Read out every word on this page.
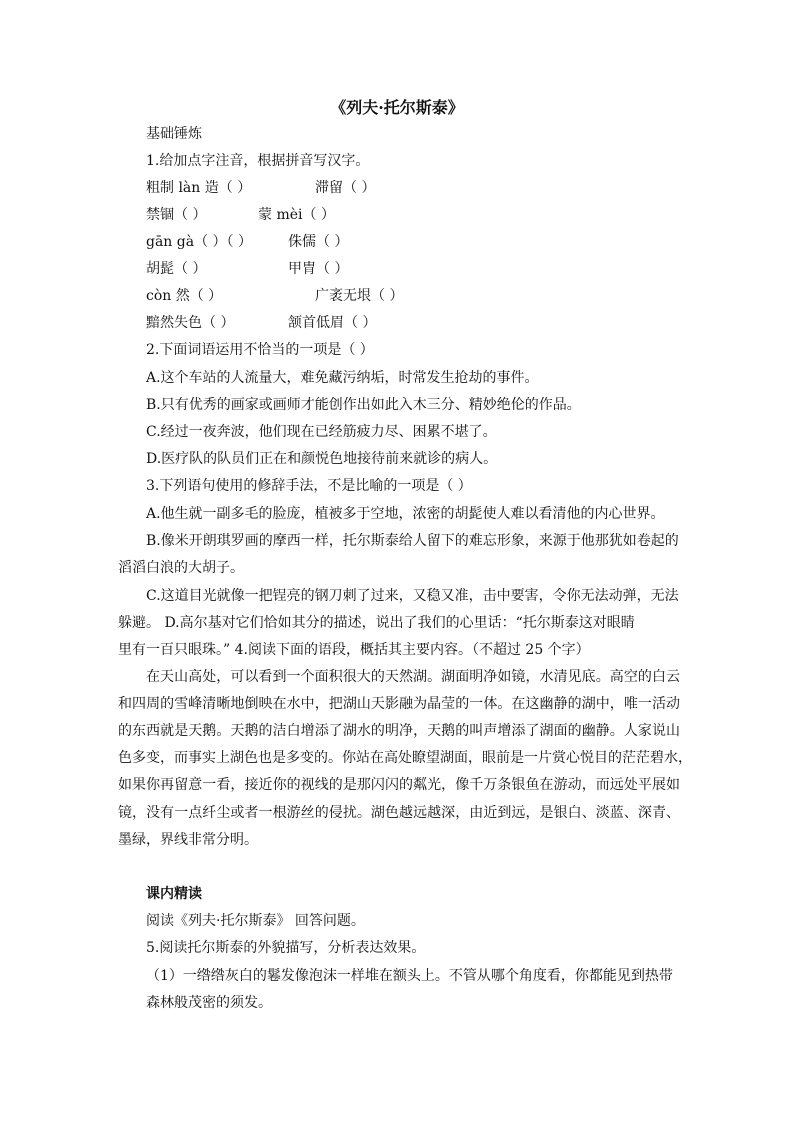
《列夫·托尔斯泰》
基础锤炼
1.给加点字注音，根据拼音写汉字。
粗制 làn 造（ ）	滞留（ ）
禁锢（ ）	蒙 mèi（ ）
gān gà（ ）（ ）	侏儒（ ）
胡髭（ ）	甲胄（ ）
còn 然（ ）	广袤无垠（ ）
黯然失色（ ）	颔首低眉（ ）
2.下面词语运用不恰当的一项是（ ）
A.这个车站的人流量大，难免藏污纳垢，时常发生抢劫的事件。
B.只有优秀的画家或画师才能创作出如此入木三分、精妙绝伦的作品。
C.经过一夜奔波，他们现在已经筋疲力尽、困累不堪了。
D.医疗队的队员们正在和颜悦色地接待前来就诊的病人。
3.下列语句使用的修辞手法，不是比喻的一项是（ ）
A.他生就一副多毛的脸庞，植被多于空地，浓密的胡髭使人难以看清他的内心世界。
B.像米开朗琪罗画的摩西一样，托尔斯泰给人留下的难忘形象，来源于他那犹如卷起的
滔滔白浪的大胡子。
C.这道目光就像一把锃亮的钢刀刺了过来，又稳又准，击中要害，令你无法动弹，无法
躲避。 D.高尔基对它们恰如其分的描述，说出了我们的心里话：“托尔斯泰这对眼睛
里有一百只眼珠。” 4.阅读下面的语段，概括其主要内容。（不超过 25 个字）
在天山高处，可以看到一个面积很大的天然湖。湖面明净如镜，水清见底。高空的白云
和四周的雪峰清晰地倒映在水中，把湖山天影融为晶莹的一体。在这幽静的湖中，唯一活动
的东西就是天鹅。天鹅的洁白增添了湖水的明净，天鹅的叫声增添了湖面的幽静。人家说山
色多变，而事实上湖色也是多变的。你站在高处瞭望湖面，眼前是一片赏心悦目的茫茫碧水，
如果你再留意一看，接近你的视线的是那闪闪的粼光，像千万条银鱼在游动，而远处平展如
镜，没有一点纤尘或者一根游丝的侵扰。湖色越远越深，由近到远，是银白、淡蓝、深青、
墨绿，界线非常分明。
课内精读
阅读《列夫·托尔斯泰》 回答问题。
5.阅读托尔斯泰的外貌描写，分析表达效果。
（1）一绺绺灰白的鬈发像泡沫一样堆在额头上。不管从哪个角度看，你都能见到热带
森林般茂密的须发。
